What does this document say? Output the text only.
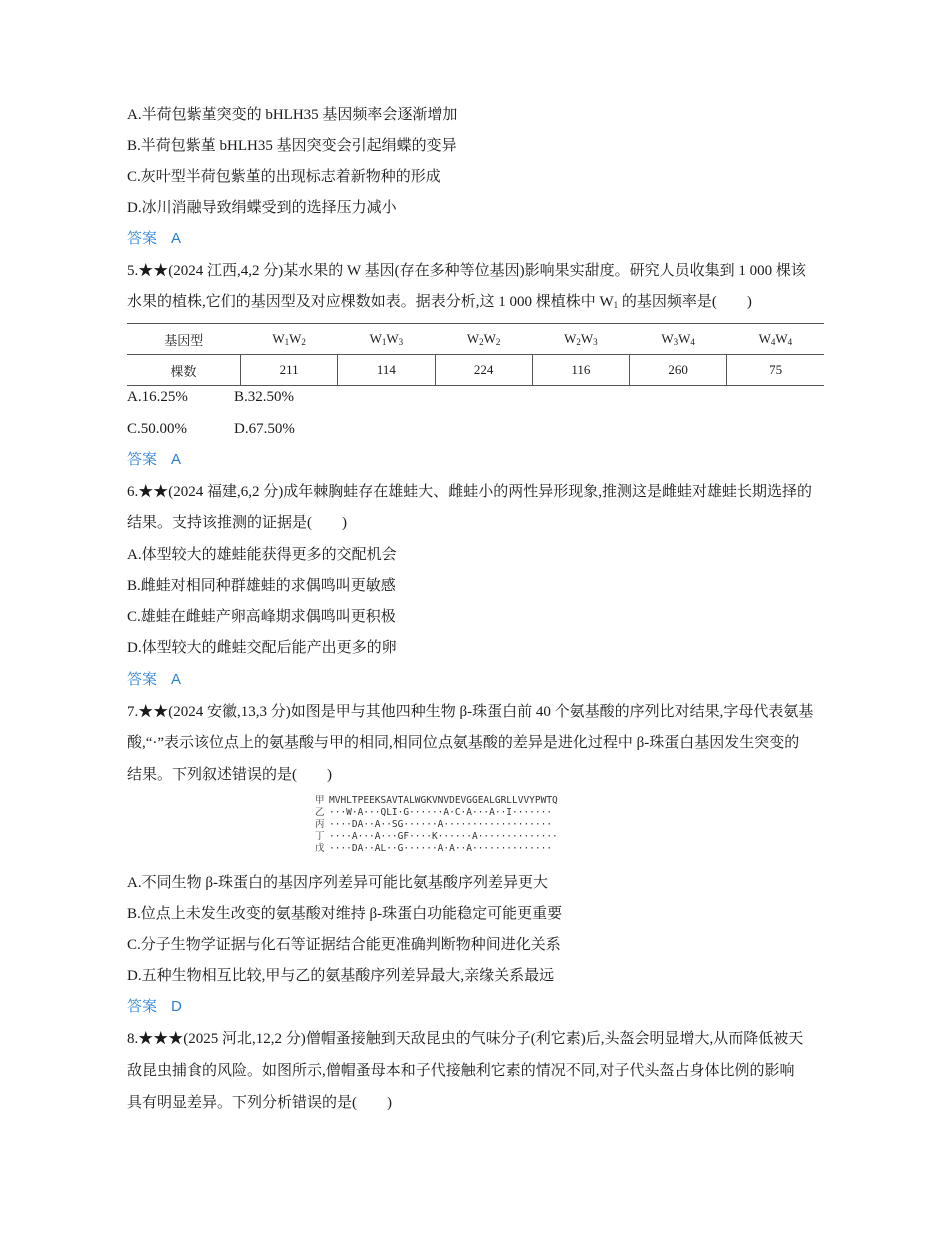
A.半荷包紫堇突变的 bHLH35 基因频率会逐渐增加
B.半荷包紫堇 bHLH35 基因突变会引起绢蝶的变异
C.灰叶型半荷包紫堇的出现标志着新物种的形成
D.冰川消融导致绢蝶受到的选择压力减小
答案 A
5.★★(2024 江西,4,2 分)某水果的 W 基因(存在多种等位基因)影响果实甜度。研究人员收集到 1 000 棵该
水果的植株,它们的基因型及对应棵数如表。据表分析,这 1 000 棵植株中 $W_1$ 的基因频率是(　　)
基因型	$W_1W_2$	$W_1W_3$	$W_2W_2$	$W_2W_3$	$W_3W_4$	$W_4W_4$
棵数	211	114	224	116	260	75
A.16.25%	B.32.50%
C.50.00%	D.67.50%
答案 A
6.★★(2024 福建,6,2 分)成年棘胸蛙存在雄蛙大、雌蛙小的两性异形现象,推测这是雌蛙对雄蛙长期选择的
结果。支持该推测的证据是(　　)
A.体型较大的雄蛙能获得更多的交配机会
B.雌蛙对相同种群雄蛙的求偶鸣叫更敏感
C.雄蛙在雌蛙产卵高峰期求偶鸣叫更积极
D.体型较大的雌蛙交配后能产出更多的卵
答案 A
7.★★(2024 安徽,13,3 分)如图是甲与其他四种生物 β-珠蛋白前 40 个氨基酸的序列比对结果,字母代表氨基
酸,“·”表示该位点上的氨基酸与甲的相同,相同位点氨基酸的差异是进化过程中 β-珠蛋白基因发生突变的
结果。下列叙述错误的是(　　)
甲 MVHLTPEEKSAVTALWGKVNVDEVGGEALGRLLVVYPWTQ
乙 ···W·A···QLI·G······A·C·A···A··I·······
丙 ····DA··A··SG······A···················
丁 ····A···A···GF····K······A··············
戊 ····DA··AL··G······A·A··A··············
A.不同生物 β-珠蛋白的基因序列差异可能比氨基酸序列差异更大
B.位点上未发生改变的氨基酸对维持 β-珠蛋白功能稳定可能更重要
C.分子生物学证据与化石等证据结合能更准确判断物种间进化关系
D.五种生物相互比较,甲与乙的氨基酸序列差异最大,亲缘关系最远
答案 D
8.★★★(2025 河北,12,2 分)僧帽蚤接触到天敌昆虫的气味分子(利它素)后,头盔会明显增大,从而降低被天
敌昆虫捕食的风险。如图所示,僧帽蚤母本和子代接触利它素的情况不同,对子代头盔占身体比例的影响
具有明显差异。下列分析错误的是(　　)
